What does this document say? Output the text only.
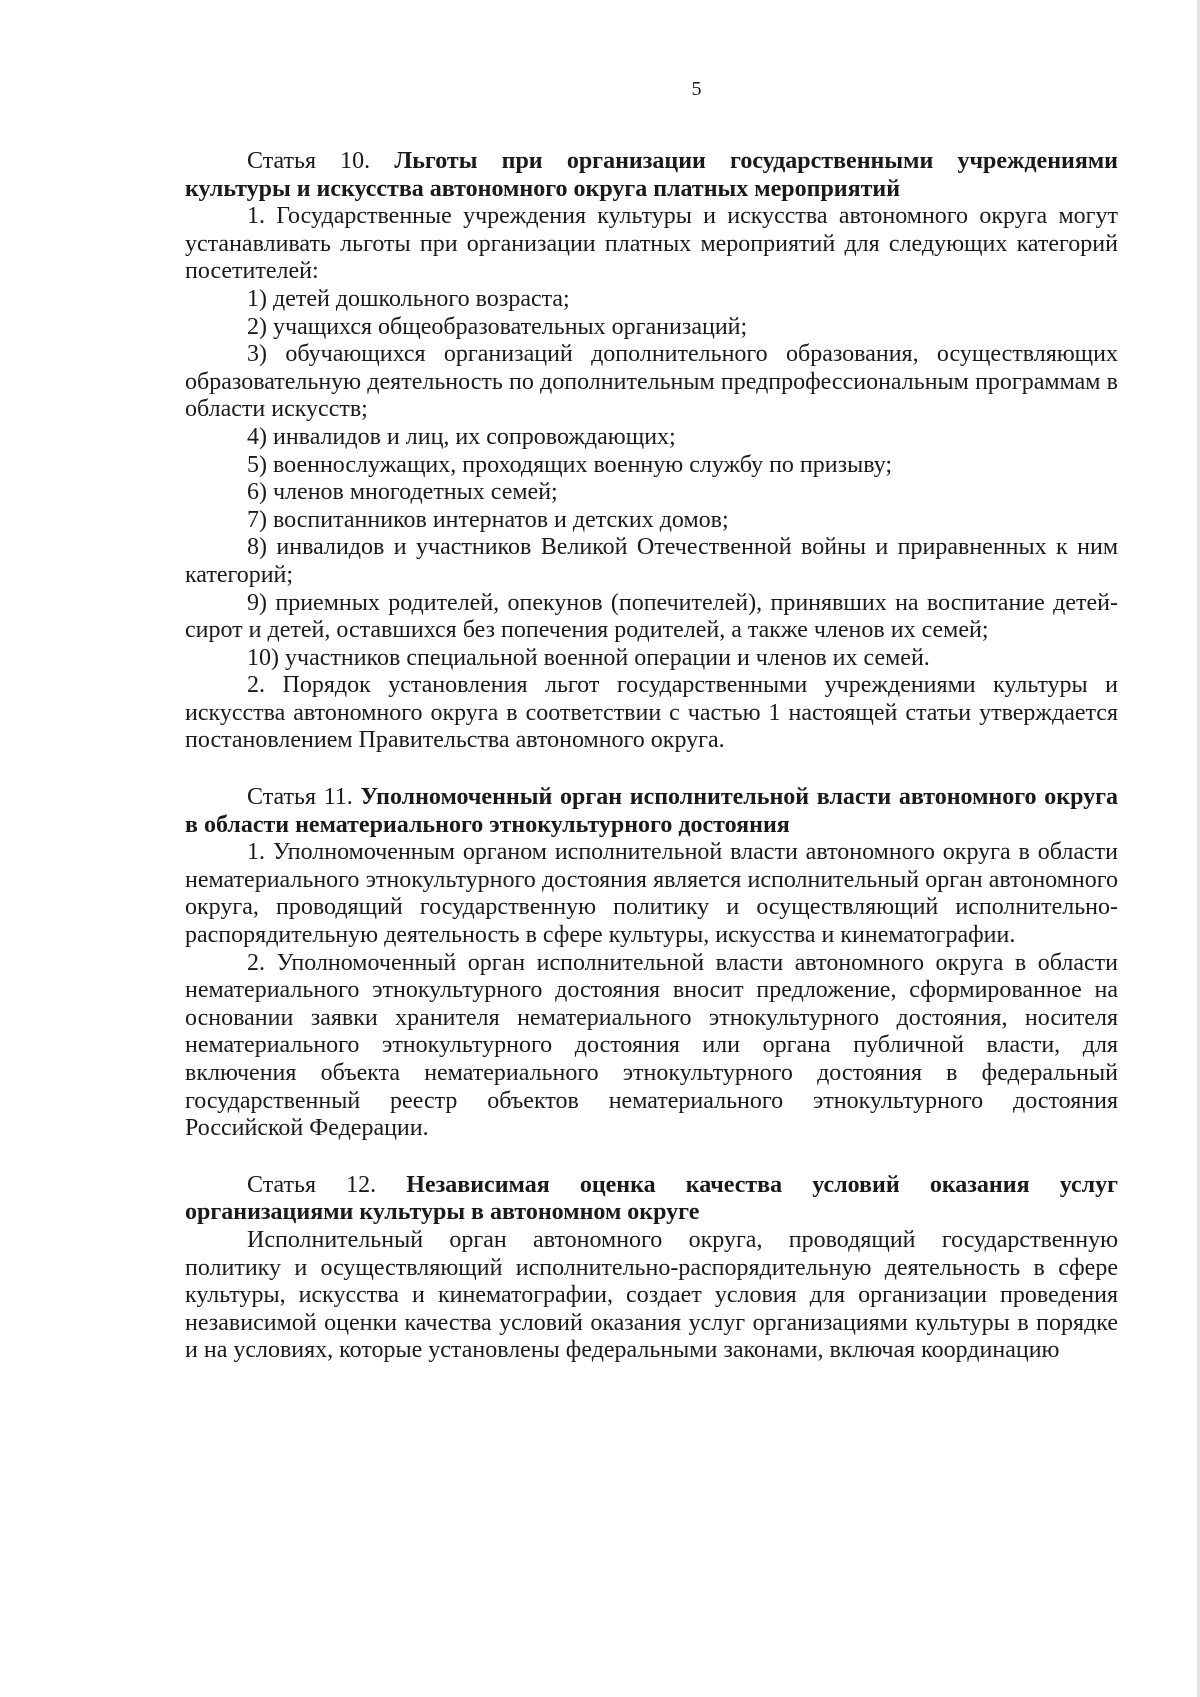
5

Статья 10. Льготы при организации государственными учреждениями культуры и искусства автономного округа платных мероприятий

1. Государственные учреждения культуры и искусства автономного округа могут устанавливать льготы при организации платных мероприятий для следующих категорий посетителей:

1) детей дошкольного возраста;

2) учащихся общеобразовательных организаций;

3) обучающихся организаций дополнительного образования, осуществляющих образовательную деятельность по дополнительным предпрофессиональным программам в области искусств;

4) инвалидов и лиц, их сопровождающих;

5) военнослужащих, проходящих военную службу по призыву;

6) членов многодетных семей;

7) воспитанников интернатов и детских домов;

8) инвалидов и участников Великой Отечественной войны и приравненных к ним категорий;

9) приемных родителей, опекунов (попечителей), принявших на воспитание детей-сирот и детей, оставшихся без попечения родителей, а также членов их семей;

10) участников специальной военной операции и членов их семей.

2. Порядок установления льгот государственными учреждениями культуры и искусства автономного округа в соответствии с частью 1 настоящей статьи утверждается постановлением Правительства автономного округа.

Статья 11. Уполномоченный орган исполнительной власти автономного округа в области нематериального этнокультурного достояния

1. Уполномоченным органом исполнительной власти автономного округа в области нематериального этнокультурного достояния является исполнительный орган автономного округа, проводящий государственную политику и осуществляющий исполнительно-распорядительную деятельность в сфере культуры, искусства и кинематографии.

2. Уполномоченный орган исполнительной власти автономного округа в области нематериального этнокультурного достояния вносит предложение, сформированное на основании заявки хранителя нематериального этнокультурного достояния, носителя нематериального этнокультурного достояния или органа публичной власти, для включения объекта нематериального этнокультурного достояния в федеральный государственный реестр объектов нематериального этнокультурного достояния Российской Федерации.

Статья 12. Независимая оценка качества условий оказания услуг организациями культуры в автономном округе

Исполнительный орган автономного округа, проводящий государственную политику и осуществляющий исполнительно-распорядительную деятельность в сфере культуры, искусства и кинематографии, создает условия для организации проведения независимой оценки качества условий оказания услуг организациями культуры в порядке и на условиях, которые установлены федеральными законами, включая координацию
